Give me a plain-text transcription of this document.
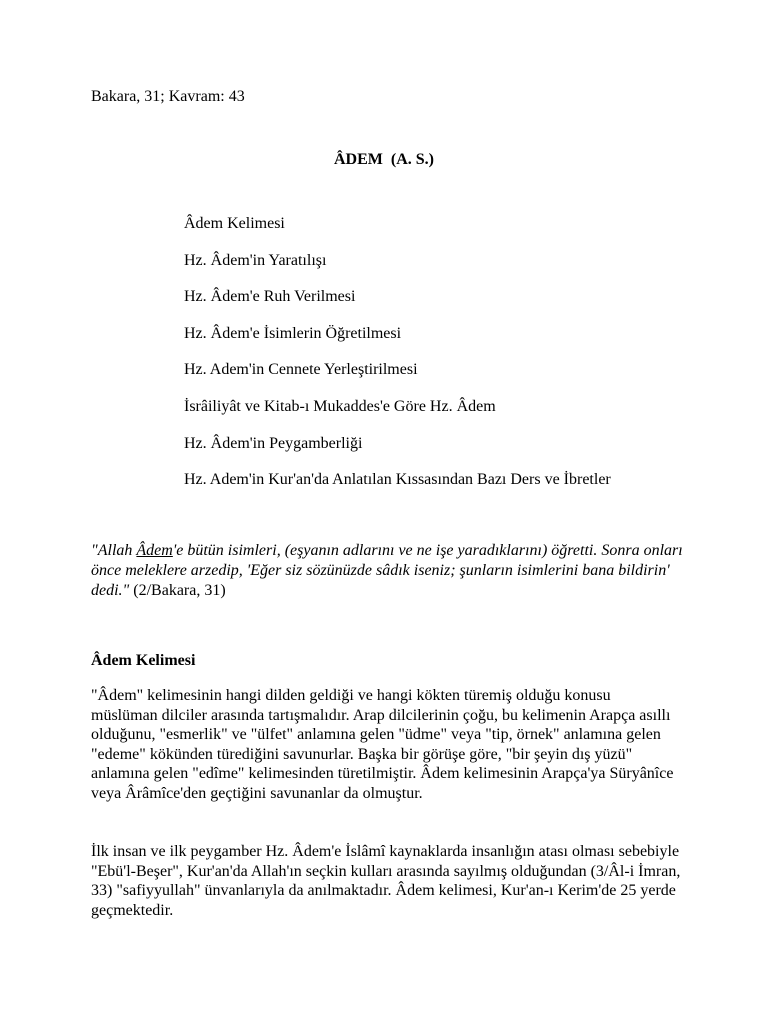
Bakara, 31; Kavram: 43
ÂDEM  (A. S.)
Âdem Kelimesi
Hz. Âdem'in Yaratılışı
Hz. Âdem'e Ruh Verilmesi
Hz. Âdem'e İsimlerin Öğretilmesi
Hz. Adem'in Cennete Yerleştirilmesi
İsrâiliyât ve Kitab-ı Mukaddes'e Göre Hz. Âdem
Hz. Âdem'in Peygamberliği
Hz. Adem'in Kur'an'da Anlatılan Kıssasından Bazı Ders ve İbretler

"Allah Âdem'e bütün isimleri, (eşyanın adlarını ve ne işe yaradıklarını) öğretti. Sonra onları önce meleklere arzedip, 'Eğer siz sözünüzde sâdık iseniz; şunların isimlerini bana bildirin' dedi." (2/Bakara, 31)

Âdem Kelimesi

"Âdem" kelimesinin hangi dilden geldiği ve hangi kökten türemiş olduğu konusu müslüman dilciler arasında tartışmalıdır. Arap dilcilerinin çoğu, bu kelimenin Arapça asıllı olduğunu, "esmerlik" ve "ülfet" anlamına gelen "üdme" veya "tip, örnek" anlamına gelen "edeme" kökünden türediğini savunurlar. Başka bir görüşe göre, "bir şeyin dış yüzü" anlamına gelen "edîme" kelimesinden türetilmiştir. Âdem kelimesinin Arapça'ya Süryânîce veya Ârâmîce'den geçtiğini savunanlar da olmuştur.

İlk insan ve ilk peygamber Hz. Âdem'e İslâmî kaynaklarda insanlığın atası olması sebebiyle "Ebü'l-Beşer", Kur'an'da Allah'ın seçkin kulları arasında sayılmış olduğundan (3/Âl-i İmran, 33) "safiyyullah" ünvanlarıyla da anılmaktadır. Âdem kelimesi, Kur'an-ı Kerim'de 25 yerde geçmektedir.
